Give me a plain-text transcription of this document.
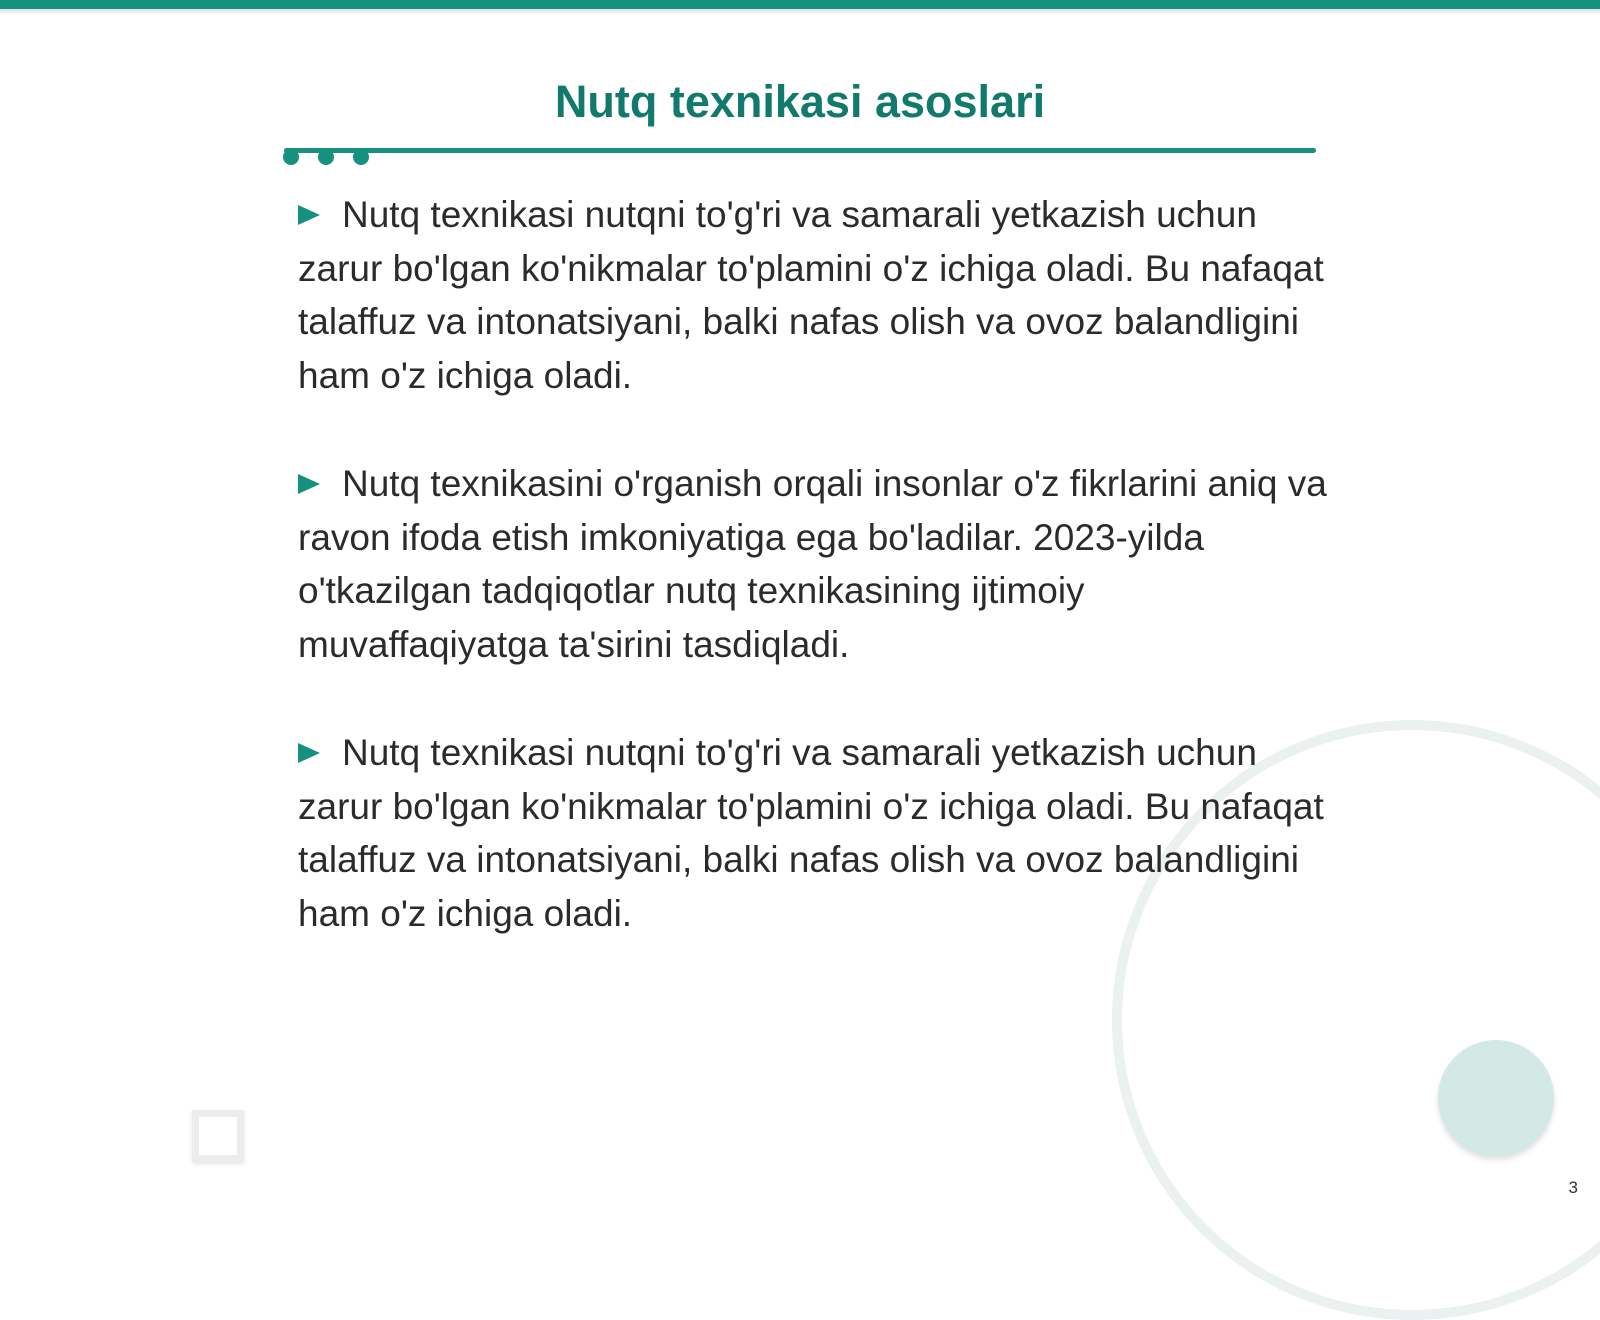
Nutq texnikasi asoslari

Nutq texnikasi nutqni to'g'ri va samarali yetkazish uchun zarur bo'lgan ko'nikmalar to'plamini o'z ichiga oladi. Bu nafaqat talaffuz va intonatsiyani, balki nafas olish va ovoz balandligini ham o'z ichiga oladi.

Nutq texnikasini o'rganish orqali insonlar o'z fikrlarini aniq va ravon ifoda etish imkoniyatiga ega bo'ladilar. 2023-yilda o'tkazilgan tadqiqotlar nutq texnikasining ijtimoiy muvaffaqiyatga ta'sirini tasdiqladi.

Nutq texnikasi nutqni to'g'ri va samarali yetkazish uchun zarur bo'lgan ko'nikmalar to'plamini o'z ichiga oladi. Bu nafaqat talaffuz va intonatsiyani, balki nafas olish va ovoz balandligini ham o'z ichiga oladi.

3
